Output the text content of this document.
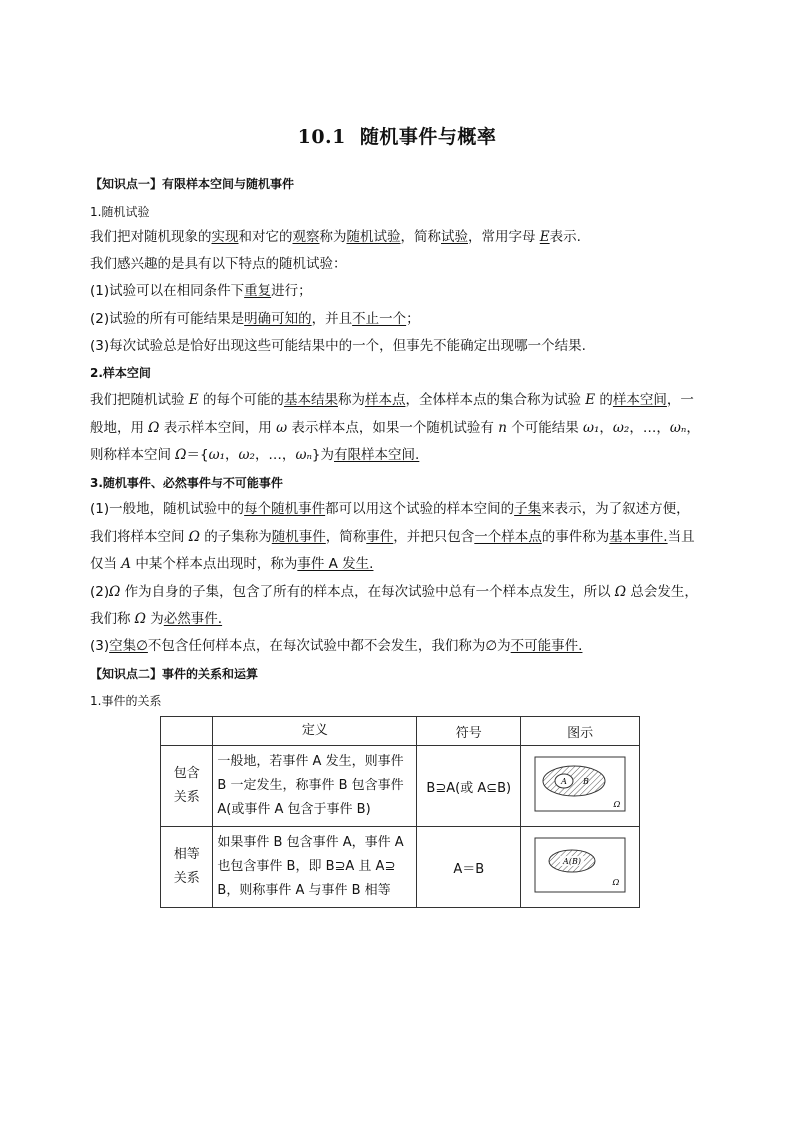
10.1 随机事件与概率
【知识点一】有限样本空间与随机事件
1.随机试验
我们把对随机现象的实现和对它的观察称为随机试验，简称试验，常用字母 E表示.
我们感兴趣的是具有以下特点的随机试验：
(1)试验可以在相同条件下重复进行；
(2)试验的所有可能结果是明确可知的，并且不止一个；
(3)每次试验总是恰好出现这些可能结果中的一个，但事先不能确定出现哪一个结果.
2.样本空间
我们把随机试验 E 的每个可能的基本结果称为样本点，全体样本点的集合称为试验 E 的样本空间，一
般地，用 Ω 表示样本空间，用 ω 表示样本点，如果一个随机试验有 n 个可能结果 ω₁，ω₂，…，ωₙ，
则称样本空间 Ω＝{ω₁，ω₂，…，ωₙ}为有限样本空间.
3.随机事件、必然事件与不可能事件
(1)一般地，随机试验中的每个随机事件都可以用这个试验的样本空间的子集来表示，为了叙述方便，
我们将样本空间 Ω 的子集称为随机事件，简称事件，并把只包含一个样本点的事件称为基本事件.当且
仅当 A 中某个样本点出现时，称为事件 A 发生.
(2)Ω 作为自身的子集，包含了所有的样本点，在每次试验中总有一个样本点发生，所以 Ω 总会发生，
我们称 Ω 为必然事件.
(3)空集∅不包含任何样本点，在每次试验中都不会发生，我们称为∅为不可能事件.
【知识点二】事件的关系和运算
1.事件的关系
	定义	符号	图示
包含
关系	一般地，若事件 A 发生，则事件
B 一定发生，称事件 B 包含事件
A(或事件 A 包含于事件 B)	B⊇A(或 A⊆B)	A B
Ω

相等
关系	如果事件 B 包含事件 A，事件 A
也包含事件 B，即 B⊇A 且 A⊇
B，则称事件 A 与事件 B 相等	A＝B	A(B)
Ω
